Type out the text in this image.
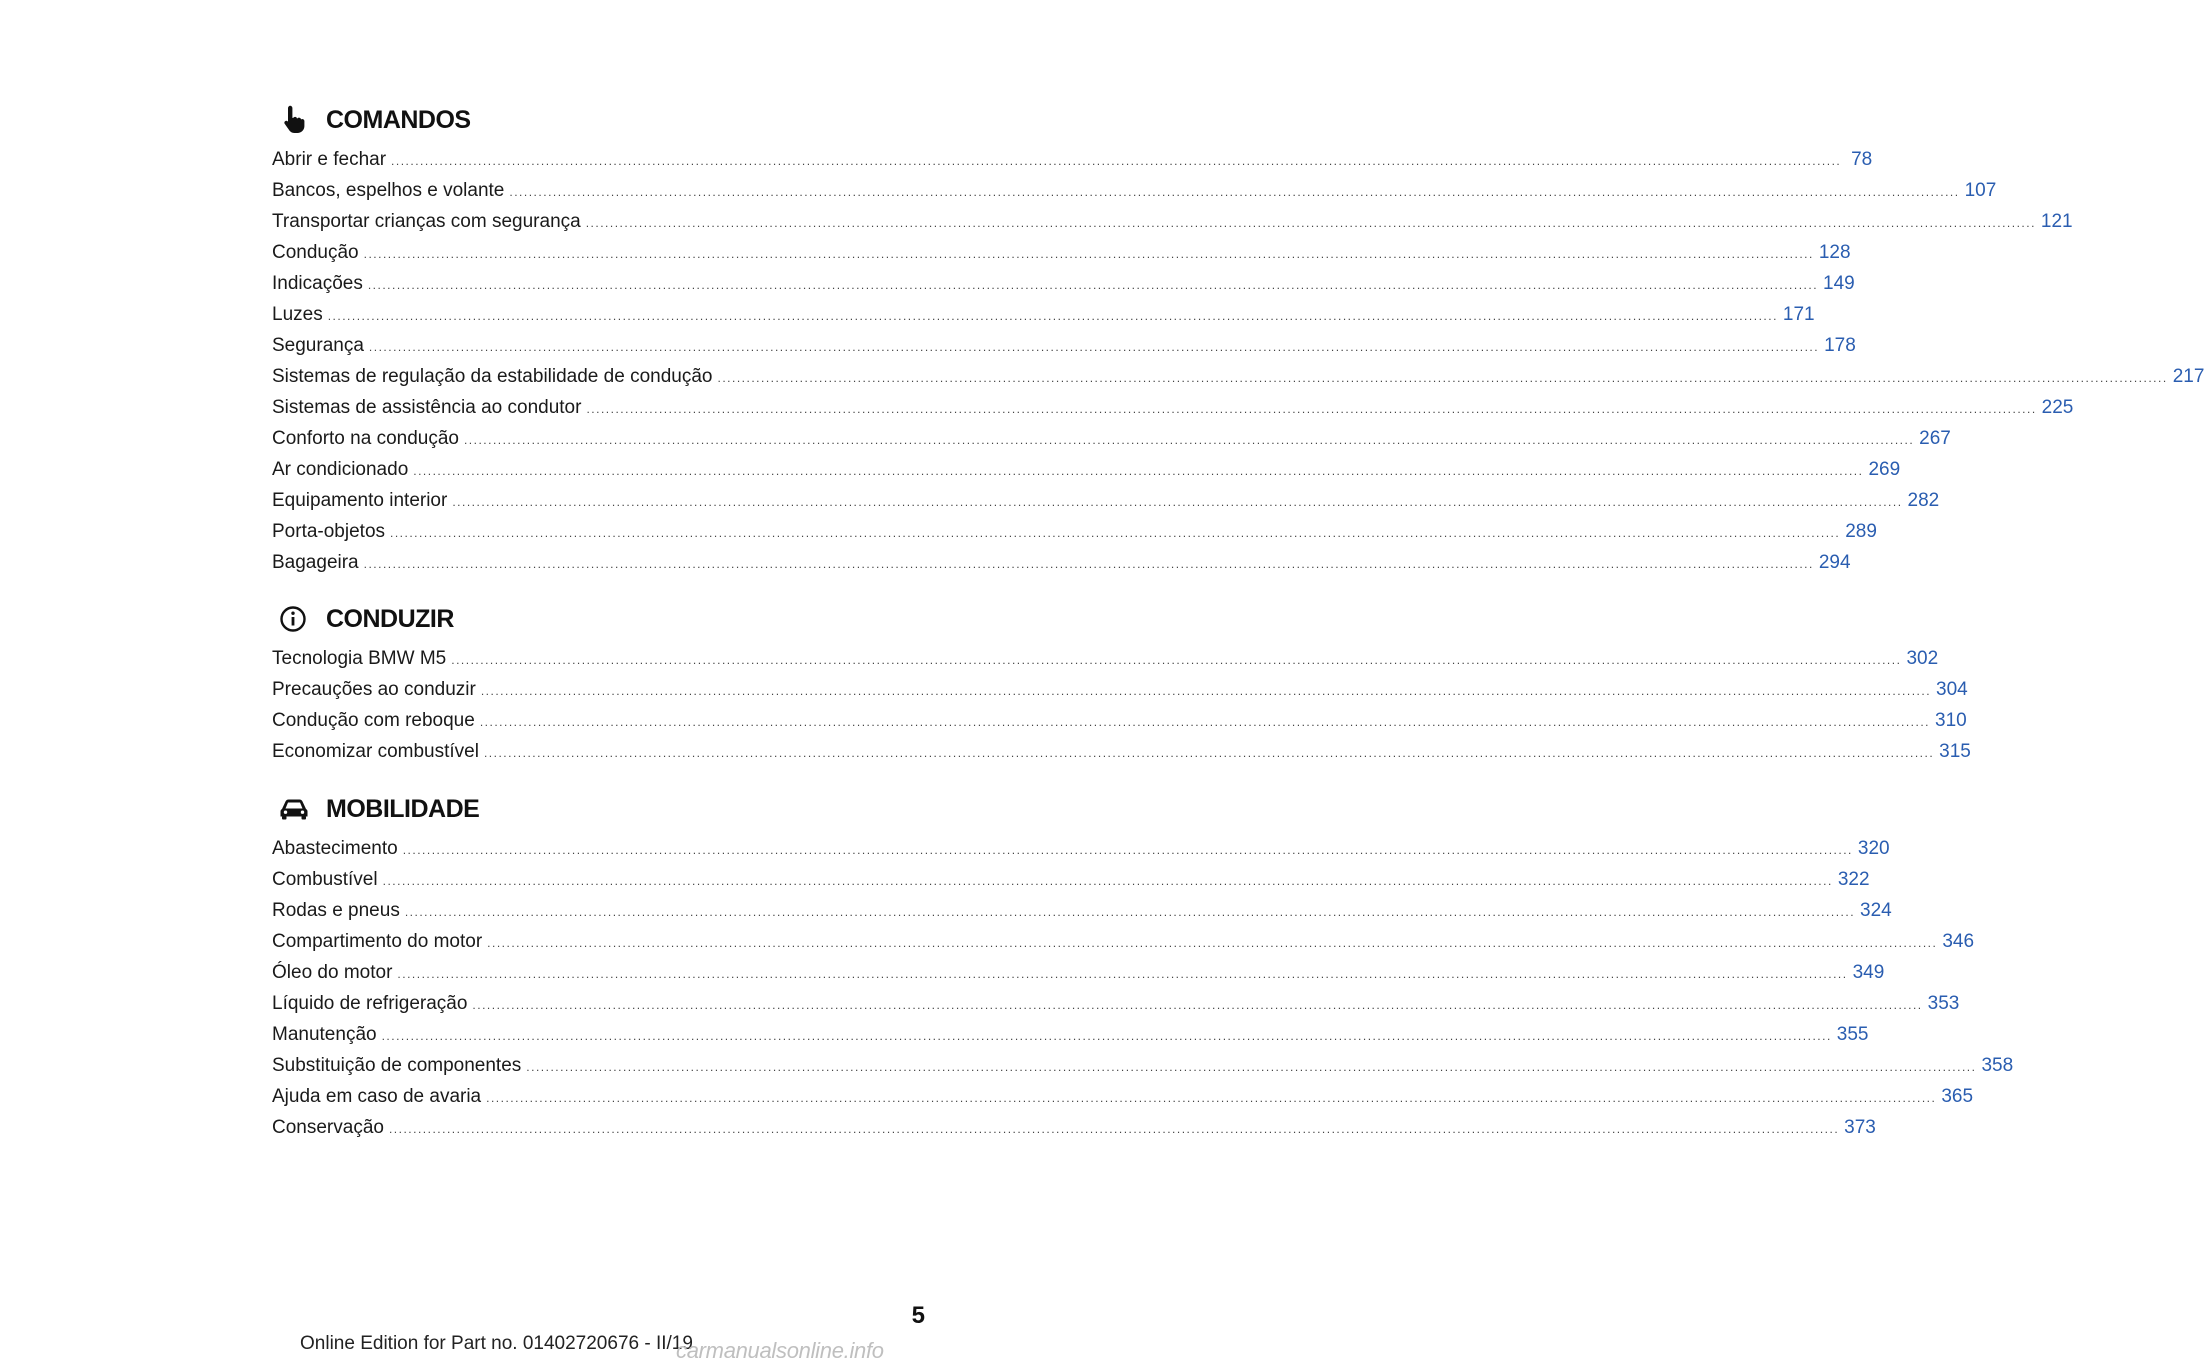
COMANDOS
Abrir e fechar ............................................................................................................................................................................................................................................................................................................ 78
Bancos, espelhos e volante ............................................................................................................................................................................................................................................................................................................ 107
Transportar crianças com segurança ............................................................................................................................................................................................................................................................................................................ 121
Condução ............................................................................................................................................................................................................................................................................................................ 128
Indicações ............................................................................................................................................................................................................................................................................................................ 149
Luzes ............................................................................................................................................................................................................................................................................................................ 171
Segurança ............................................................................................................................................................................................................................................................................................................ 178
Sistemas de regulação da estabilidade de condução ............................................................................................................................................................................................................................................................................................................ 217
Sistemas de assistência ao condutor ............................................................................................................................................................................................................................................................................................................ 225
Conforto na condução ............................................................................................................................................................................................................................................................................................................ 267
Ar condicionado ............................................................................................................................................................................................................................................................................................................ 269
Equipamento interior ............................................................................................................................................................................................................................................................................................................ 282
Porta-objetos ............................................................................................................................................................................................................................................................................................................ 289
Bagageira ............................................................................................................................................................................................................................................................................................................ 294
CONDUZIR
Tecnologia BMW M5 ............................................................................................................................................................................................................................................................................................................ 302
Precauções ao conduzir ............................................................................................................................................................................................................................................................................................................ 304
Condução com reboque ............................................................................................................................................................................................................................................................................................................ 310
Economizar combustível ............................................................................................................................................................................................................................................................................................................ 315
MOBILIDADE
Abastecimento ............................................................................................................................................................................................................................................................................................................ 320
Combustível ............................................................................................................................................................................................................................................................................................................ 322
Rodas e pneus ............................................................................................................................................................................................................................................................................................................ 324
Compartimento do motor ............................................................................................................................................................................................................................................................................................................ 346
Óleo do motor ............................................................................................................................................................................................................................................................................................................ 349
Líquido de refrigeração ............................................................................................................................................................................................................................................................................................................ 353
Manutenção ............................................................................................................................................................................................................................................................................................................ 355
Substituição de componentes ............................................................................................................................................................................................................................................................................................................ 358
Ajuda em caso de avaria ............................................................................................................................................................................................................................................................................................................ 365
Conservação ............................................................................................................................................................................................................................................................................................................ 373
5
Online Edition for Part no. 01402720676 - II/19
carmanualsonline.info
